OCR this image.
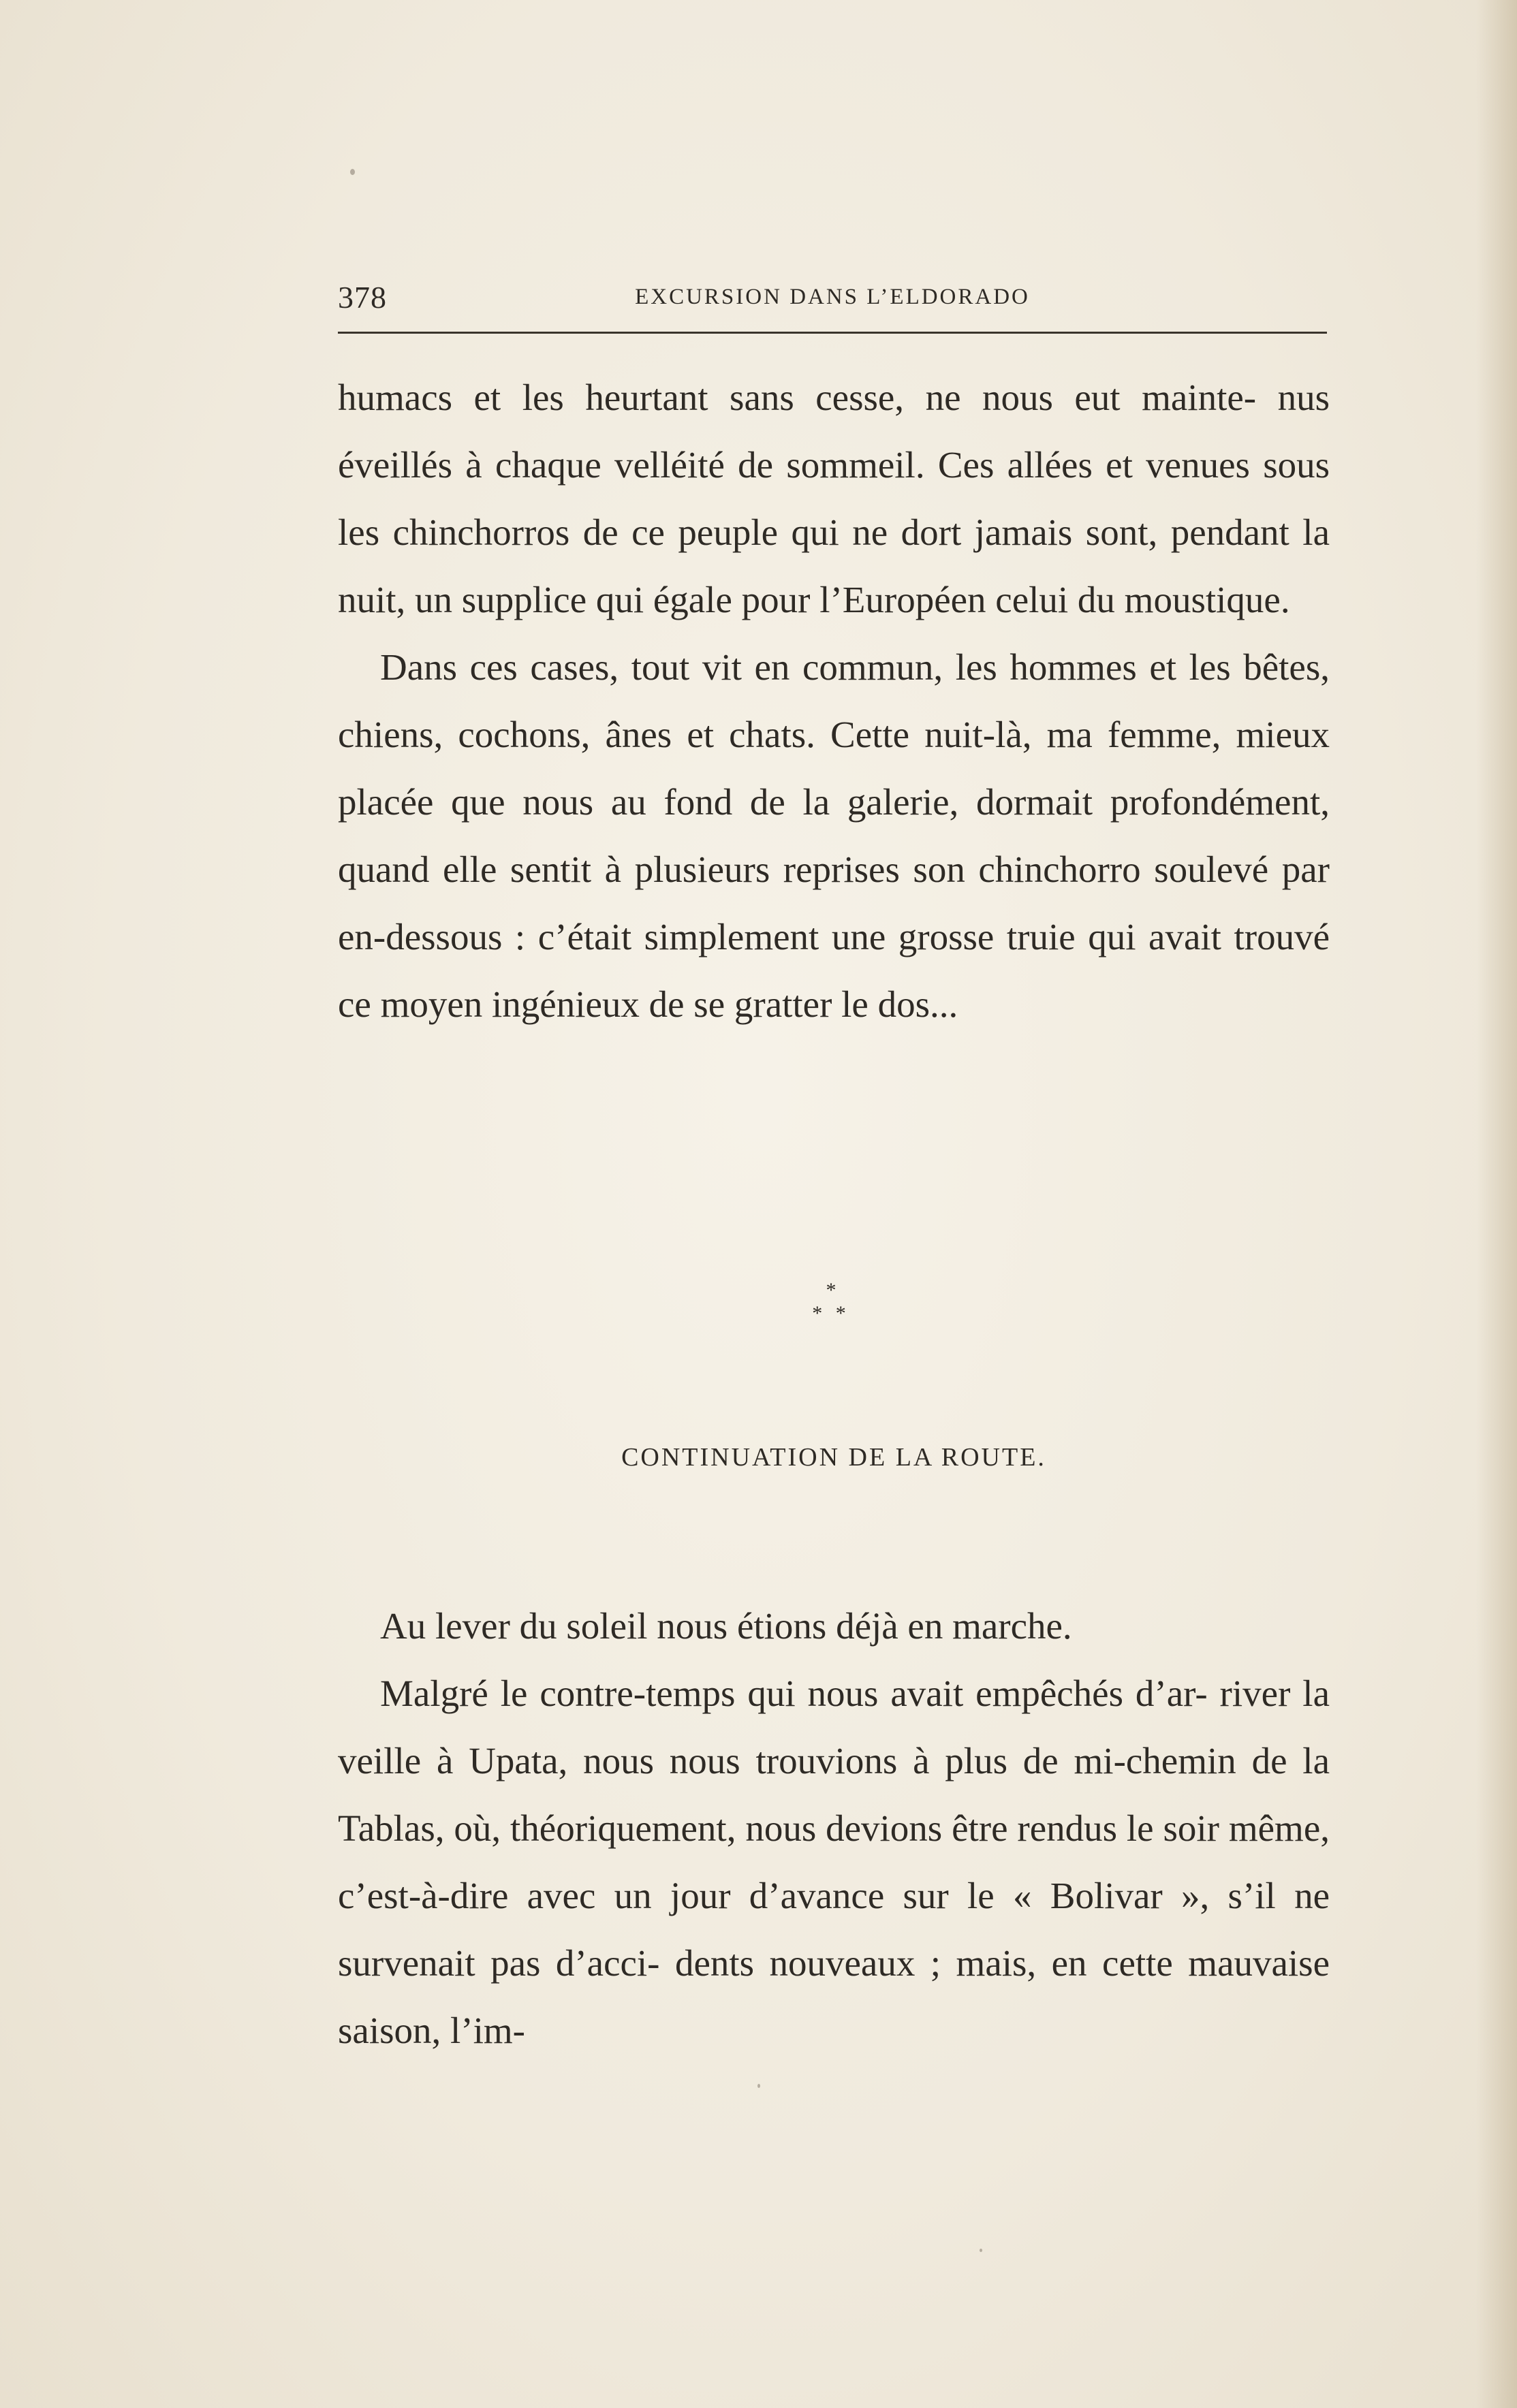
378	EXCURSION DANS L’ELDORADO

humacs et les heurtant sans cesse, ne nous eut mainte- nus éveillés à chaque velléité de sommeil. Ces allées et venues sous les chinchorros de ce peuple qui ne dort jamais sont, pendant la nuit, un supplice qui égale pour l’Européen celui du moustique.

Dans ces cases, tout vit en commun, les hommes et les bêtes, chiens, cochons, ânes et chats. Cette nuit-là, ma femme, mieux placée que nous au fond de la galerie, dormait profondément, quand elle sentit à plusieurs reprises son chinchorro soulevé par en-dessous : c’était simplement une grosse truie qui avait trouvé ce moyen ingénieux de se gratter le dos...

*
* *
CONTINUATION DE LA ROUTE.

Au lever du soleil nous étions déjà en marche.

Malgré le contre-temps qui nous avait empêchés d’ar- river la veille à Upata, nous nous trouvions à plus de mi-chemin de la Tablas, où, théoriquement, nous devions être rendus le soir même, c’est-à-dire avec un jour d’avance sur le « Bolivar », s’il ne survenait pas d’acci- dents nouveaux ; mais, en cette mauvaise saison, l’im-
